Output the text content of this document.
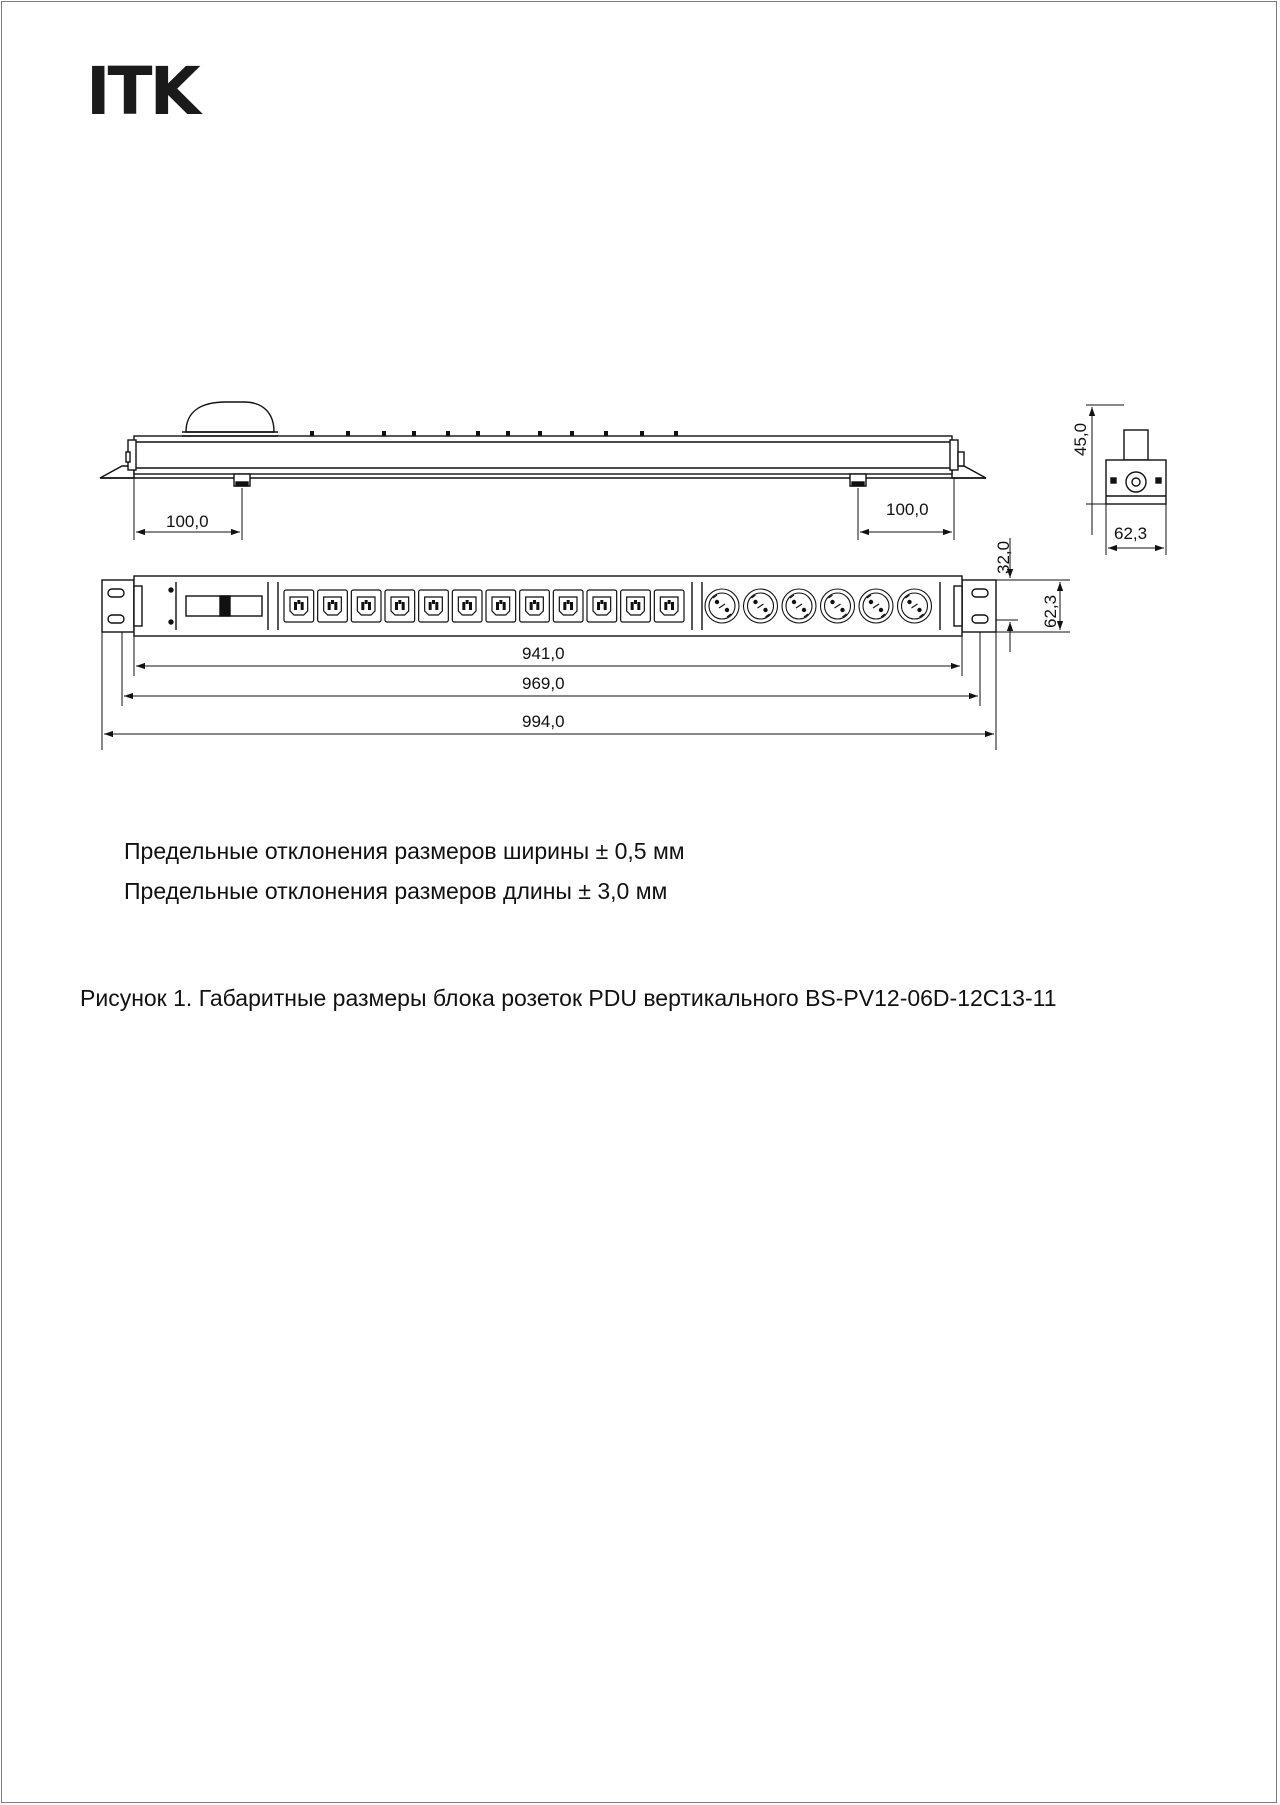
ITK
100,0
100,0
45,0
62,3
32,0
62,3
941,0
969,0
994,0
Предельные отклонения размеров ширины ± 0,5 мм
Предельные отклонения размеров длины ± 3,0 мм
Рисунок 1. Габаритные размеры блока розеток PDU вертикального BS-PV12-06D-12C13-11
